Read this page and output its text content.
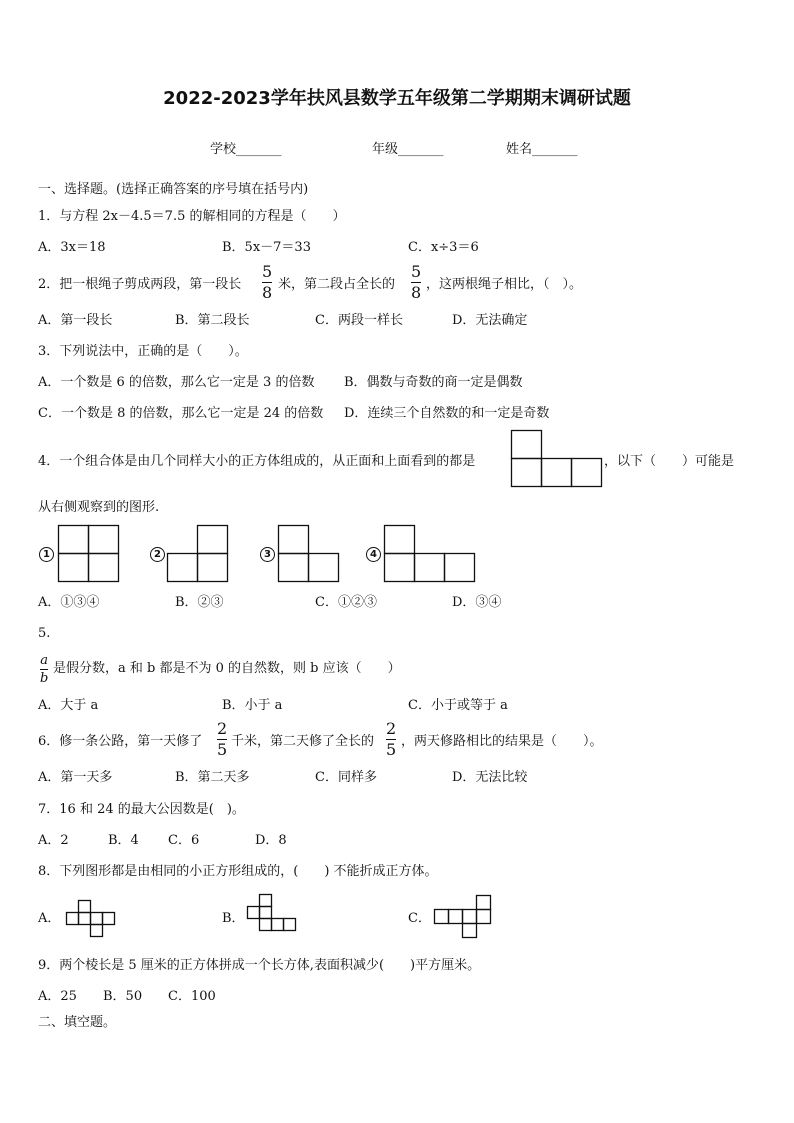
2022-2023学年扶风县数学五年级第二学期期末调研试题
学校_______	年级_______	姓名_______
一、选择题。(选择正确答案的序号填在括号内)
1．与方程 2x－4.5＝7.5 的解相同的方程是（　　）
A．3x＝18	B．5x－7＝33	C．x÷3＝6
2．把一根绳子剪成两段，第一段长
5
8 米，第二段占全长的
5
8 ，这两根绳子相比，（　）。
A．第一段长	B．第二段长	C．两段一样长	D．无法确定
3．下列说法中，正确的是（　　）。
A．一个数是 6 的倍数，那么它一定是 3 的倍数 B．偶数与奇数的商一定是偶数
C．一个数是 8 的倍数，那么它一定是 24 的倍数 D．连续三个自然数的和一定是奇数
4．一个组合体是由几个同样大小的正方体组成的，从正面和上面看到的都是	，以下（　　）可能是
从右侧观察到的图形.
1	2	3	4
A．①③④	B．②③	C．①②③	D．③④
5.
a
b
是假分数，a 和 b 都是不为 0 的自然数，则 b 应该（　　）
A．大于 a	B．小于 a	C．小于或等于 a
6．修一条公路，第一天修了
2
5 千米，第二天修了全长的
2
5 ，两天修路相比的结果是（　　）。
A．第一天多	B．第二天多	C．同样多	D．无法比较
7．16 和 24 的最大公因数是(　)。
A．2	B．4 C．6	D．8
8．下列图形都是由相同的小正方形组成的，(　　) 不能折成正方体。
A．	B．	C．
9．两个棱长是 5 厘米的正方体拼成一个长方体,表面积减少(　　)平方厘米。
A．25 B．50 C．100
二、填空题。
